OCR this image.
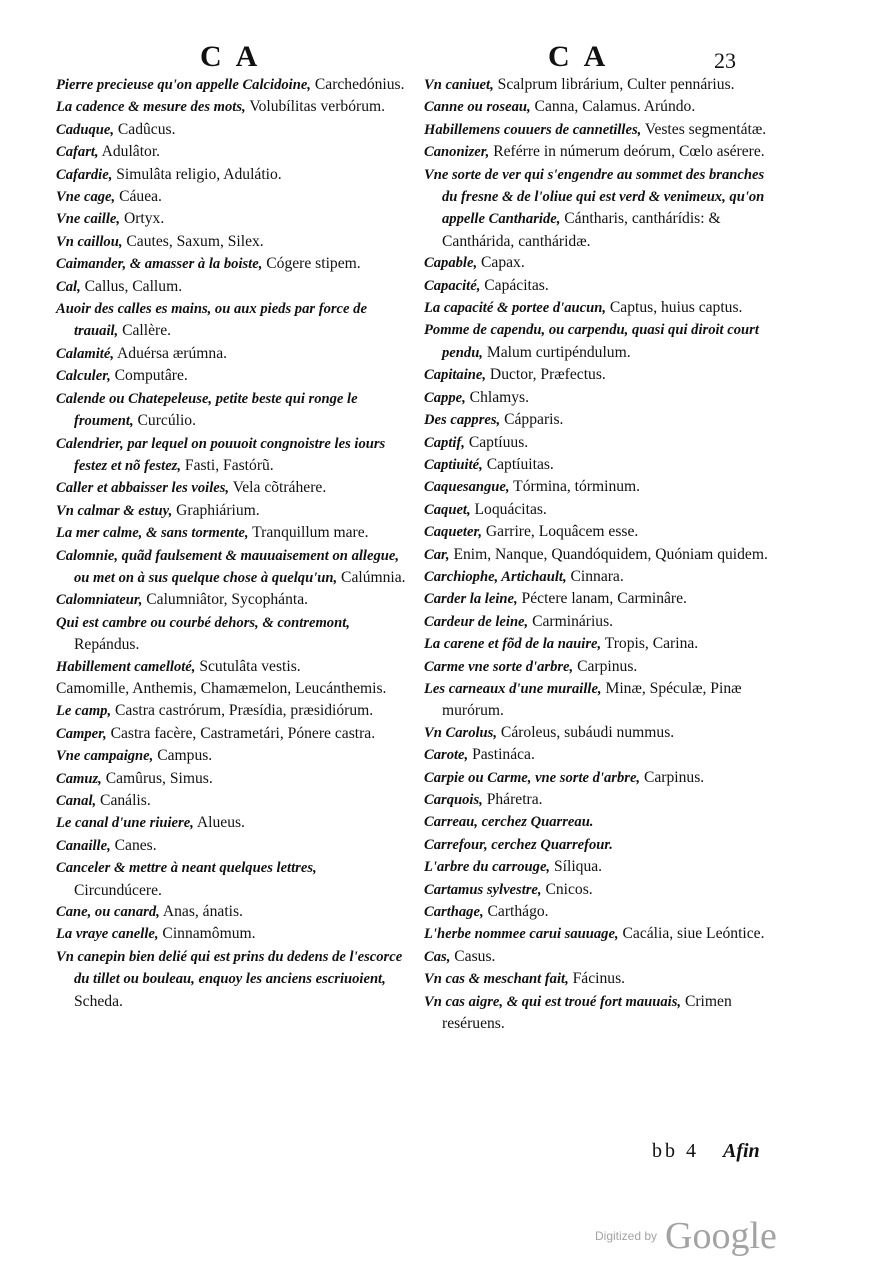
CA	CA	23
Pierre precieuse qu'on appelle Calcidoine, Carchedónius.
La cadence & mesure des mots, Volubílitas verbórum.
Caduque, Cadûcus.
Cafart, Adulâtor.
Cafardie, Simulâta religio, Adulátio.
Vne cage, Cáuea.
Vne caille, Ortyx.
Vn caillou, Cautes, Saxum, Silex.
Caimander, & amasser à la boiste, Cógere stipem.
Cal, Callus, Callum.
Auoir des calles es mains, ou aux pieds par force de trauail, Callère.
Calamité, Aduérsa ærúmna.
Calculer, Computâre.
Calende ou Chatepeleuse, petite beste qui ronge le froument, Curcúlio.
Calendrier, par lequel on pouuoit congnoistre les iours festez et nõ festez, Fasti, Fastórũ.
Caller et abbaisser les voiles, Vela cõtráhere.
Vn calmar & estuy, Graphiárium.
La mer calme, & sans tormente, Tranquillum mare.
Calomnie, quãd faulsement & mauuaisement on allegue, ou met on à sus quelque chose à quelqu'un, Calúmnia.
Calomniateur, Calumniâtor, Sycophánta.
Qui est cambre ou courbé dehors, & contremont, Repándus.
Habillement camelloté, Scutulâta vestis.
Camomille, Anthemis, Chamæmelon, Leucánthemis.
Le camp, Castra castrórum, Præsídia, præsidiórum.
Camper, Castra facère, Castrametári, Pónere castra.
Vne campaigne, Campus.
Camuz, Camûrus, Simus.
Canal, Canális.
Le canal d'une riuiere, Alueus.
Canaille, Canes.
Canceler & mettre à neant quelques lettres, Circundúcere.
Cane, ou canard, Anas, ánatis.
La vraye canelle, Cinnamômum.
Vn canepin bien delié qui est prins du dedens de l'escorce du tillet ou bouleau, enquoy les anciens escriuoient, Scheda.
Vn caniuet, Scalprum librárium, Culter pennárius.
Canne ou roseau, Canna, Calamus. Arúndo.
Habillemens couuers de cannetilles, Vestes segmentátæ.
Canonizer, Reférre in númerum deórum, Cœlo asérere.
Vne sorte de ver qui s'engendre au sommet des branches du fresne & de l'oliue qui est verd & venimeux, qu'on appelle Cantharide, Cántharis, canthárídis: & Canthárida, cantháridæ.
Capable, Capax.
Capacité, Capácitas.
La capacité & portee d'aucun, Captus, huius captus.
Pomme de capendu, ou carpendu, quasi qui diroit court pendu, Malum curtipéndulum.
Capitaine, Ductor, Præfectus.
Cappe, Chlamys.
Des cappres, Cápparis.
Captif, Captíuus.
Captiuité, Captíuitas.
Caquesangue, Tórmina, tórminum.
Caquet, Loquácitas.
Caqueter, Garrire, Loquâcem esse.
Car, Enim, Nanque, Quandóquidem, Quóniam quidem.
Carchiophe, Artichault, Cinnara.
Carder la leine, Péctere lanam, Carminâre.
Cardeur de leine, Carminárius.
La carene et fõd de la nauire, Tropis, Carina.
Carme vne sorte d'arbre, Carpinus.
Les carneaux d'une muraille, Minæ, Spéculæ, Pinæ murórum.
Vn Carolus, Cároleus, subáudi nummus.
Carote, Pastináca.
Carpie ou Carme, vne sorte d'arbre, Carpinus.
Carquois, Pháretra.
Carreau, cerchez Quarreau.
Carrefour, cerchez Quarrefour.
L'arbre du carrouge, Síliqua.
Cartamus sylvestre, Cnicos.
Carthage, Carthágo.
L'herbe nommee carui sauuage, Cacália, siue Leóntice.
Cas, Casus.
Vn cas & meschant fait, Fácinus.
Vn cas aigre, & qui est troué fort mauuais, Crimen reséruens.
bb 4 Afin
Digitized by Google
